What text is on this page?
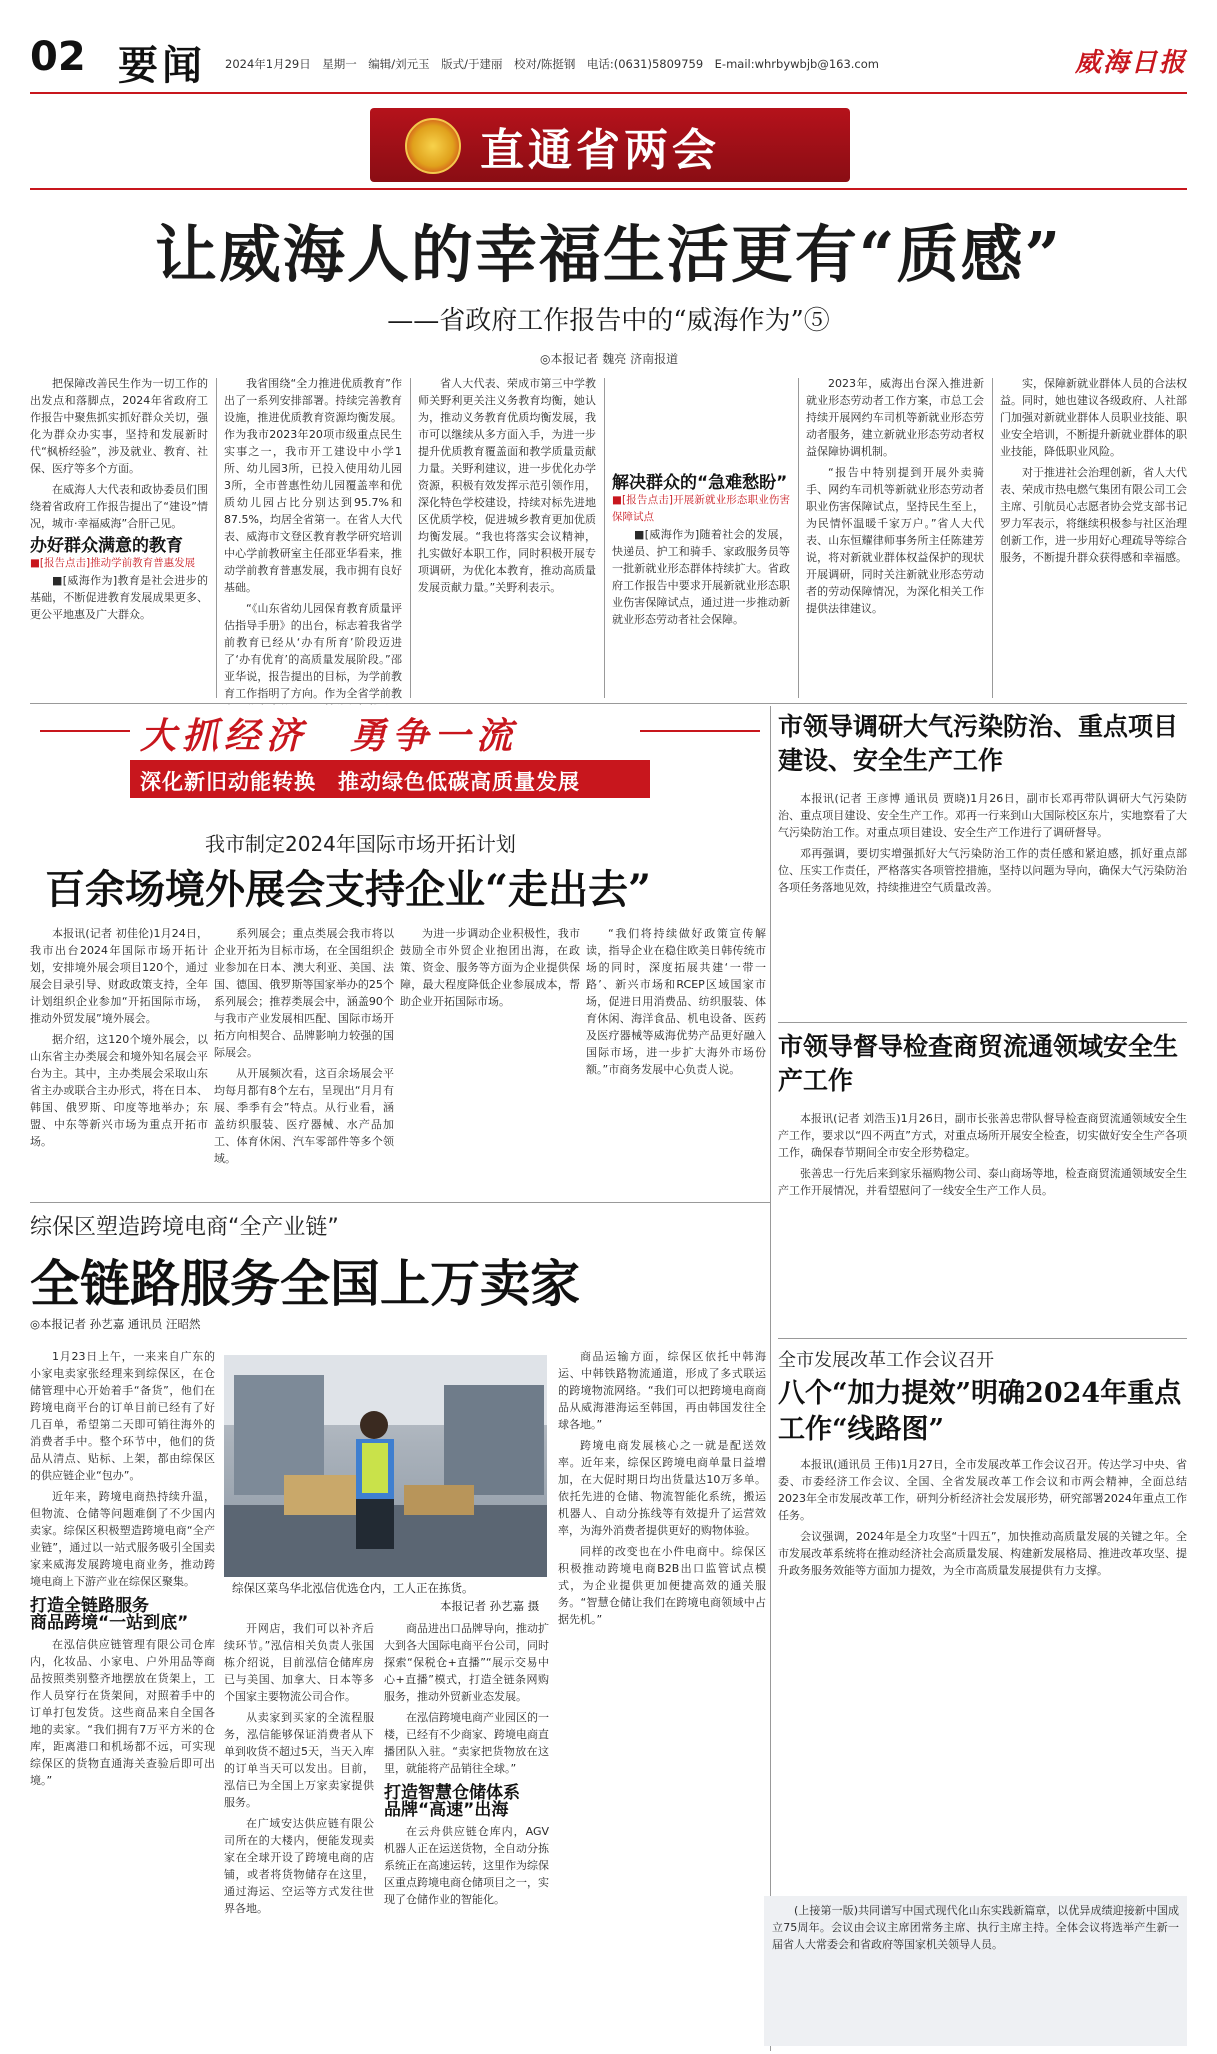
02 要闻 2024年1月29日　星期一　编辑/刘元玉　版式/于建丽　校对/陈挺钢　电话:(0631)5809759　E-mail:whrbywbjb@163.com	威海日报
直通省两会
让威海人的幸福生活更有“质感”
——省政府工作报告中的“威海作为”⑤
◎本报记者 魏亮 济南报道

把保障改善民生作为一切工作的出发点和落脚点，2024年省政府工作报告中聚焦抓实抓好群众关切，强化为群众办实事，坚持和发展新时代“枫桥经验”，涉及就业、教育、社保、医疗等多个方面。

在威海人大代表和政协委员们围绕着省政府工作报告提出了“建设”情况，城市·幸福威海”合肝己见。

办好群众满意的教育
■[报告点击]推动学前教育普惠发展

■[威海作为]教育是社会进步的基础，不断促进教育发展成果更多、更公平地惠及广大群众。

我省围绕“全力推进优质教育”作出了一系列安排部署。持续完善教育设施，推进优质教育资源均衡发展。作为我市2023年20项市级重点民生实事之一，我市开工建设中小学1所、幼儿园3所，已投入使用幼儿园3所，全市普惠性幼儿园覆盖率和优质幼儿园占比分别达到95.7%和87.5%，均居全省第一。在省人大代表、威海市文登区教育教学研究培训中心学前教研室主任邵亚华看来，推动学前教育普惠发展，我市拥有良好基础。

“《山东省幼儿园保育教育质量评估指导手册》的出台，标志着我省学前教育已经从‘办有所育’阶段迈进了‘办有优育’的高质量发展阶段。”邵亚华说，报告提出的目标，为学前教育工作指明了方向。作为全省学前教

省人大代表、荣成市第三中学教师关野利更关注义务教育均衡，她认为，推动义务教育优质均衡发展，我市可以继续从多方面入手，为进一步提升优质教育覆盖面和教学质量贡献力量。关野利建议，进一步优化办学资源，积极有效发挥示范引领作用，深化特色学校建设，持续对标先进地区优质学校，促进城乡教育更加优质均衡发展。“我也将落实会议精神，扎实做好本职工作，同时积极开展专项调研，为优化本教育，推动高质量发展贡献力量。”关野利表示。

解决群众的“急难愁盼”
■[报告点击]开展新就业形态职业伤害保障试点

■[威海作为]随着社会的发展，快递员、护工和骑手、家政服务员等一批新就业形态群体持续扩大。省政府工作报告中要求开展新就业形态职业伤害保障试点，通过进一步推动新就业形态劳动者社会保障。

2023年，威海出台深入推进新就业形态劳动者工作方案，市总工会持续开展网约车司机等新就业形态劳动者服务，建立新就业形态劳动者权益保障协调机制。

“报告中特别提到开展外卖骑手、网约车司机等新就业形态劳动者职业伤害保障试点，坚持民生至上，为民情怀温暖千家万户。”省人大代表、山东恒耀律师事务所主任陈建芳说，将对新就业群体权益保护的现状开展调研，同时关注新就业形态劳动者的劳动保障情况，为深化相关工作提供法律建议。

实，保障新就业群体人员的合法权益。同时，她也建议各级政府、人社部门加强对新就业群体人员职业技能、职业安全培训，不断提升新就业群体的职业技能，降低职业风险。

对于推进社会治理创新，省人大代表、荣成市热电燃气集团有限公司工会主席、引航员心志愿者协会党支部书记罗力军表示，将继续积极参与社区治理创新工作，进一步用好心理疏导等综合服务，不断提升群众获得感和幸福感。

大抓经济　勇争一流
深化新旧动能转换　推动绿色低碳高质量发展
我市制定2024年国际市场开拓计划
百余场境外展会支持企业“走出去”

本报讯(记者 初佳伦)1月24日，我市出台2024年国际市场开拓计划，安排境外展会项目120个，通过展会目录引导、财政政策支持，全年计划组织企业参加“开拓国际市场，推动外贸发展”境外展会。

据介绍，这120个境外展会，以山东省主办类展会和境外知名展会平台为主。其中，主办类展会采取山东省主办或联合主办形式，将在日本、韩国、俄罗斯、印度等地举办；东盟、中东等新兴市场为重点开拓市场。

系列展会；重点类展会我市将以企业开拓为目标市场，在全国组织企业参加在日本、澳大利亚、美国、法国、德国、俄罗斯等国家举办的25个系列展会；推荐类展会中，涵盖90个与我市产业发展相匹配、国际市场开拓方向相契合、品牌影响力较强的国际展会。

从开展频次看，这百余场展会平均每月都有8个左右，呈现出“月月有展、季季有会”特点。从行业看，涵盖纺织服装、医疗器械、水产品加工、体育休闲、汽车零部件等多个领域。

为进一步调动企业积极性，我市鼓励全市外贸企业抱团出海，在政策、资金、服务等方面为企业提供保障，最大程度降低企业参展成本，帮助企业开拓国际市场。

“我们将持续做好政策宣传解读，指导企业在稳住欧美日韩传统市场的同时，深度拓展共建‘一带一路’、新兴市场和RCEP区域国家市场，促进日用消费品、纺织服装、体育休闲、海洋食品、机电设备、医药及医疗器械等威海优势产品更好融入国际市场，进一步扩大海外市场份额。”市商务发展中心负责人说。

综保区塑造跨境电商“全产业链”
全链路服务全国上万卖家
◎本报记者 孙艺嘉 通讯员 汪昭然

1月23日上午，一来来自广东的小家电卖家张经理来到综保区，在仓储管理中心开始着手“备货”，他们在跨境电商平台的订单目前已经有了好几百单，希望第二天即可销往海外的消费者手中。整个环节中，他们的货品从清点、贴标、上架，都由综保区的供应链企业“包办”。

近年来，跨境电商热持续升温，但物流、仓储等问题难倒了不少国内卖家。综保区积极塑造跨境电商“全产业链”，通过以一站式服务吸引全国卖家来威海发展跨境电商业务，推动跨境电商上下游产业在综保区聚集。

打造全链路服务
商品跨境“一站到底”

在泓信供应链管理有限公司仓库内，化妆品、小家电、户外用品等商品按照类别整齐地摆放在货架上，工作人员穿行在货架间，对照着手中的订单打包发货。这些商品来自全国各地的卖家。“我们拥有7万平方米的仓库，距离港口和机场都不远，可实现综保区的货物直通海关查验后即可出境。”

综保区菜鸟华北泓信优选仓内，工人正在拣货。
本报记者 孙艺嘉 摄

开网店，我们可以补齐后续环节。”泓信相关负责人张国栋介绍说，目前泓信仓储库房已与美国、加拿大、日本等多个国家主要物流公司合作。

从卖家到买家的全流程服务，泓信能够保证消费者从下单到收货不超过5天，当天入库的订单当天可以发出。目前，泓信已为全国上万家卖家提供服务。

在广域安达供应链有限公司所在的大楼内，便能发现卖家在全球开设了跨境电商的店铺，或者将货物储存在这里，通过海运、空运等方式发往世界各地。

商品进出口品牌导向，推动扩大到各大国际电商平台公司，同时探索“保税仓+直播”“展示交易中心+直播”模式，打造全链条网购服务，推动外贸新业态发展。

在泓信跨境电商产业园区的一楼，已经有不少商家、跨境电商直播团队入驻。“卖家把货物放在这里，就能将产品销往全球。”

打造智慧仓储体系
品牌“高速”出海

在云舟供应链仓库内，AGV机器人正在运送货物，全自动分拣系统正在高速运转，这里作为综保区重点跨境电商仓储项目之一，实现了仓储作业的智能化。

商品运输方面，综保区依托中韩海运、中韩铁路物流通道，形成了多式联运的跨境物流网络。“我们可以把跨境电商商品从威海港海运至韩国，再由韩国发往全球各地。”

跨境电商发展核心之一就是配送效率。近年来，综保区跨境电商单量日益增加，在大促时期日均出货量达10万多单。依托先进的仓储、物流智能化系统，搬运机器人、自动分拣线等有效提升了运营效率，为海外消费者提供更好的购物体验。

同样的改变也在小件电商中。综保区积极推动跨境电商B2B出口监管试点模式，为企业提供更加便捷高效的通关服务。“智慧仓储让我们在跨境电商领域中占据先机。”

市领导调研大气污染防治、重点项目建设、安全生产工作

本报讯(记者 王彦博 通讯员 贾晓)1月26日，副市长邓再带队调研大气污染防治、重点项目建设、安全生产工作。邓再一行来到山大国际校区东片，实地察看了大气污染防治工作。对重点项目建设、安全生产工作进行了调研督导。

邓再强调，要切实增强抓好大气污染防治工作的责任感和紧迫感，抓好重点部位、压实工作责任，严格落实各项管控措施，坚持以问题为导向，确保大气污染防治各项任务落地见效，持续推进空气质量改善。

市领导督导检查商贸流通领域安全生产工作

本报讯(记者 刘浩玉)1月26日，副市长张善忠带队督导检查商贸流通领域安全生产工作，要求以“四不两直”方式，对重点场所开展安全检查，切实做好安全生产各项工作，确保春节期间全市安全形势稳定。

张善忠一行先后来到家乐福购物公司、泰山商场等地，检查商贸流通领域安全生产工作开展情况，并看望慰问了一线安全生产工作人员。

全市发展改革工作会议召开
八个“加力提效”明确2024年重点工作“线路图”

本报讯(通讯员 王伟)1月27日，全市发展改革工作会议召开。传达学习中央、省委、市委经济工作会议、全国、全省发展改革工作会议和市两会精神，全面总结2023年全市发展改革工作，研判分析经济社会发展形势，研究部署2024年重点工作任务。

会议强调，2024年是全力攻坚“十四五”，加快推动高质量发展的关键之年。全市发展改革系统将在推动经济社会高质量发展、构建新发展格局、推进改革攻坚、提升政务服务效能等方面加力提效，为全市高质量发展提供有力支撑。

(上接第一版)共同谱写中国式现代化山东实践新篇章，以优异成绩迎接新中国成立75周年。会议由会议主席团常务主席、执行主席主持。全体会议将选举产生新一届省人大常委会和省政府等国家机关领导人员。
